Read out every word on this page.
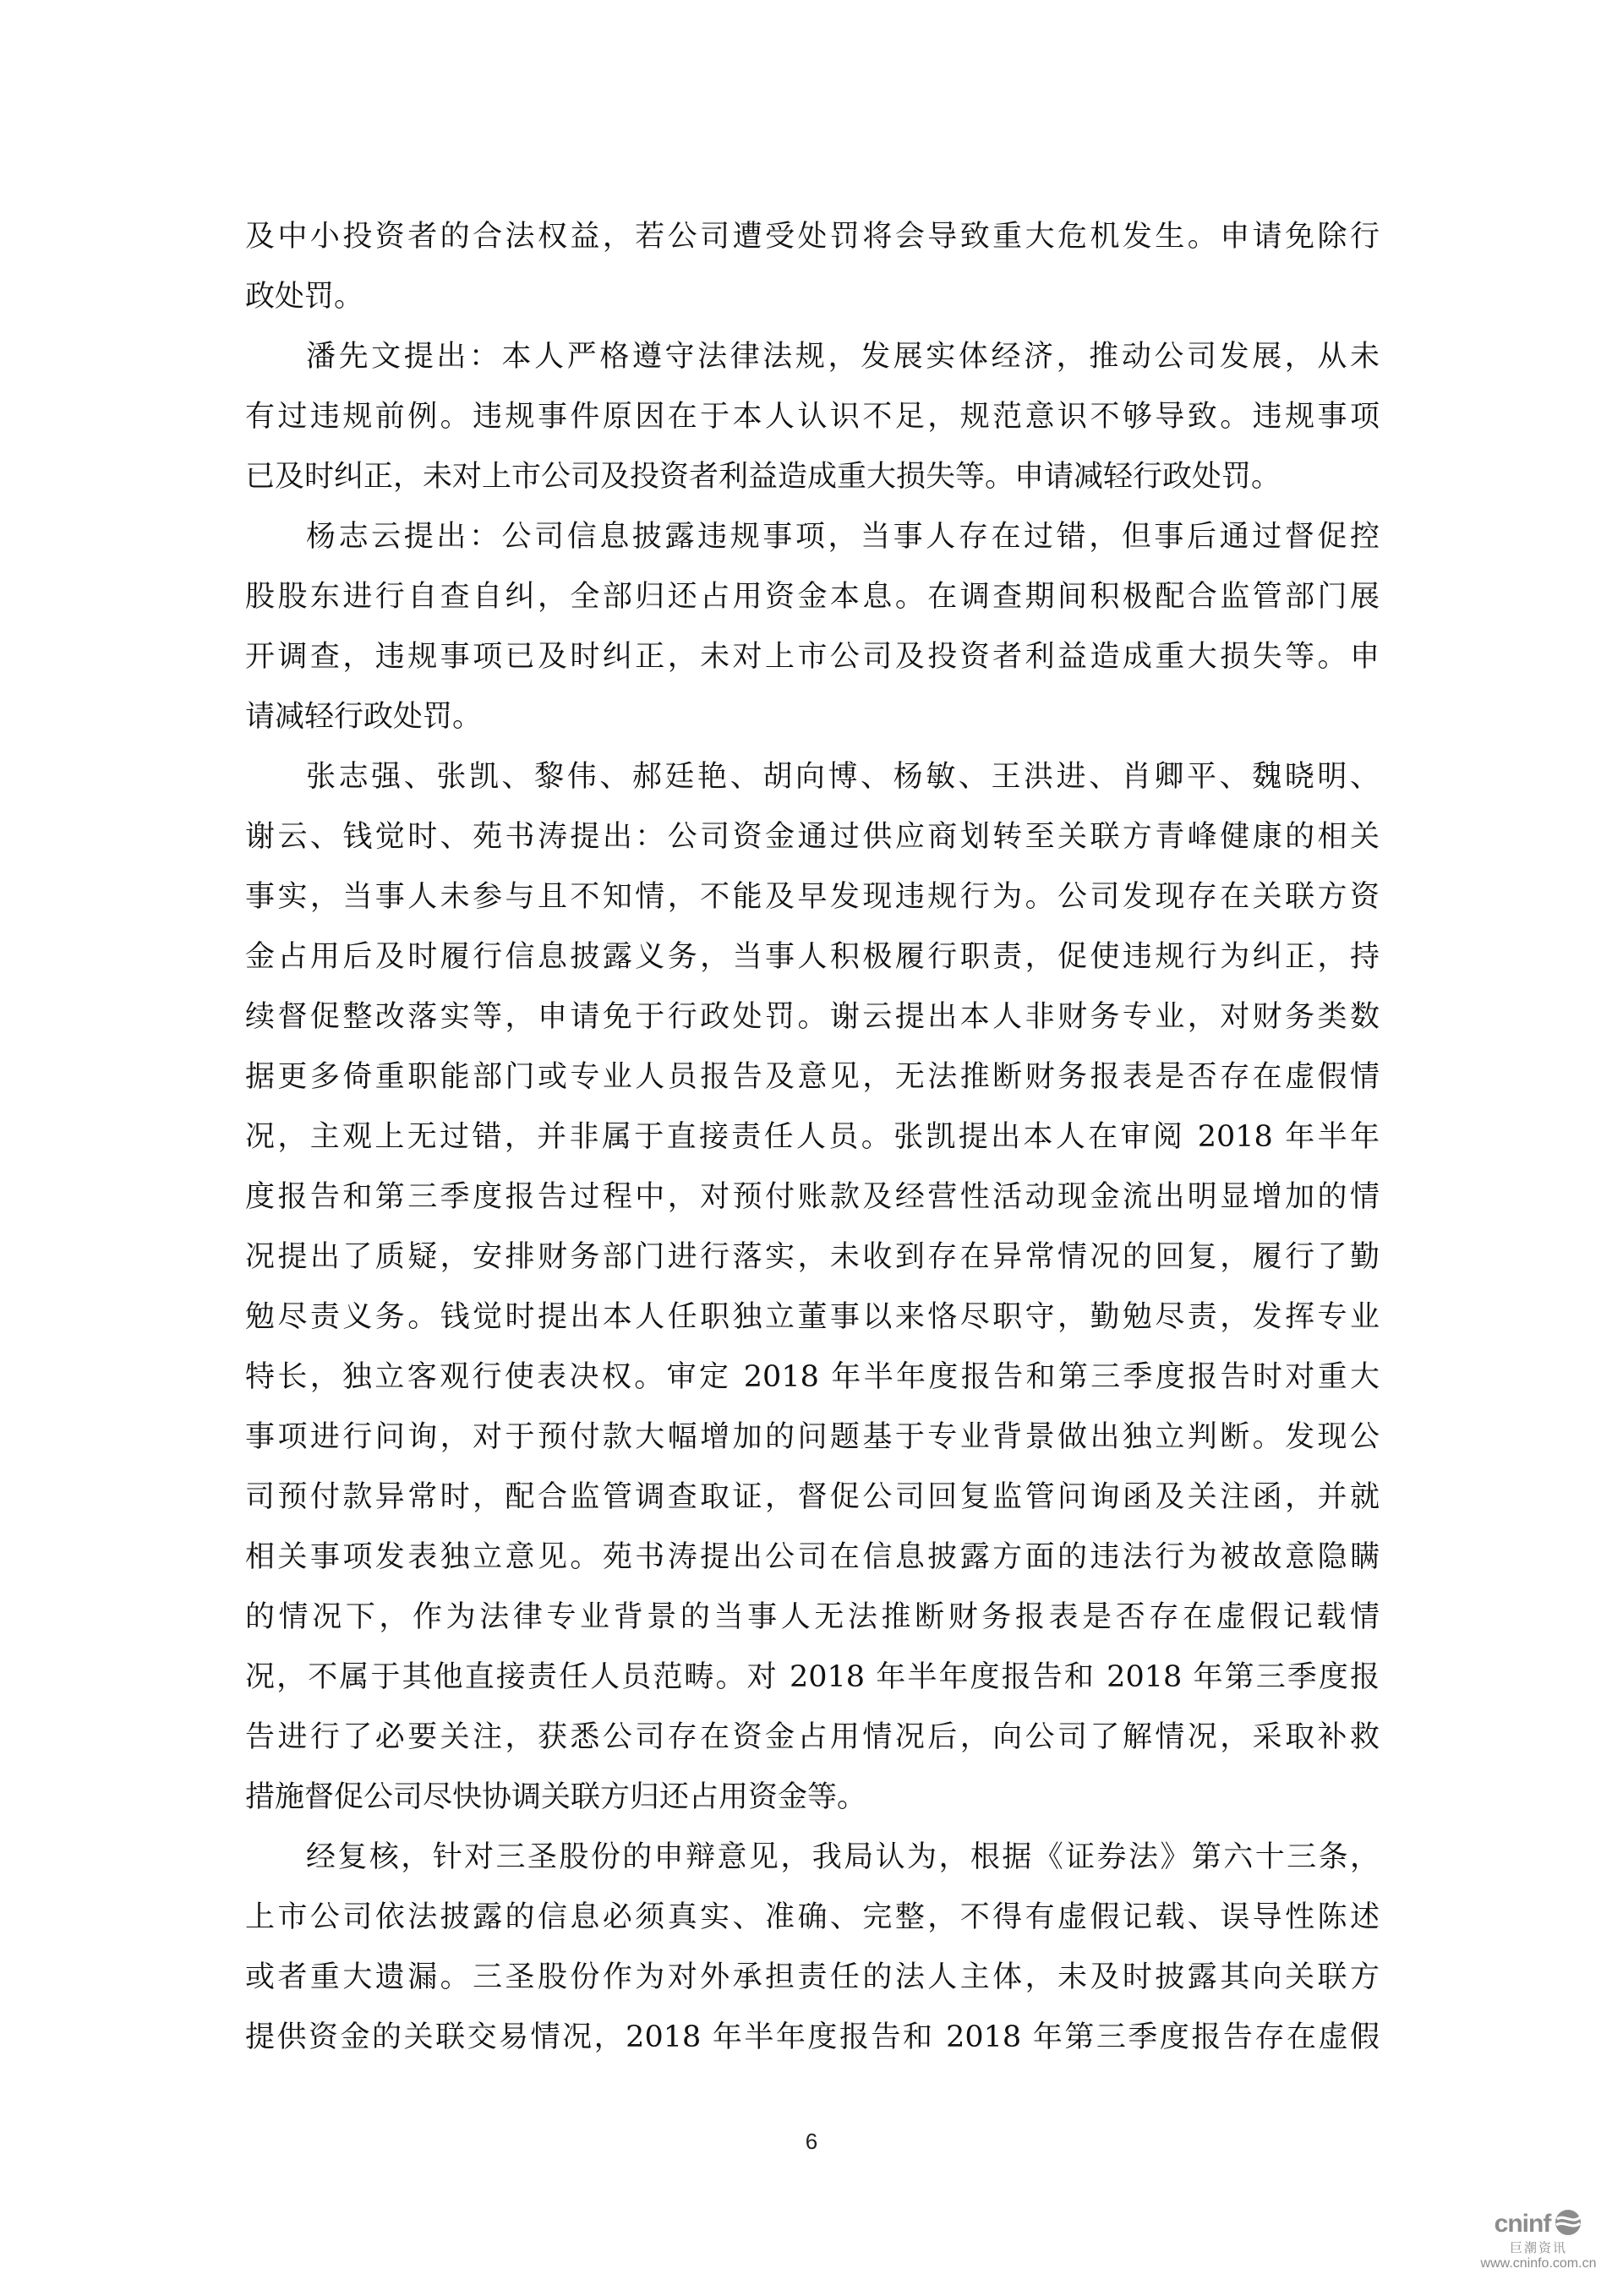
及中小投资者的合法权益，若公司遭受处罚将会导致重大危机发生。申请免除行
政处罚。
潘先文提出：本人严格遵守法律法规，发展实体经济，推动公司发展，从未
有过违规前例。违规事件原因在于本人认识不足，规范意识不够导致。违规事项
已及时纠正，未对上市公司及投资者利益造成重大损失等。申请减轻行政处罚。
杨志云提出：公司信息披露违规事项，当事人存在过错，但事后通过督促控
股股东进行自查自纠，全部归还占用资金本息。在调查期间积极配合监管部门展
开调查，违规事项已及时纠正，未对上市公司及投资者利益造成重大损失等。申
请减轻行政处罚。
张志强、张凯、黎伟、郝廷艳、胡向博、杨敏、王洪进、肖卿平、魏晓明、
谢云、钱觉时、苑书涛提出：公司资金通过供应商划转至关联方青峰健康的相关
事实，当事人未参与且不知情，不能及早发现违规行为。公司发现存在关联方资
金占用后及时履行信息披露义务，当事人积极履行职责，促使违规行为纠正，持
续督促整改落实等，申请免于行政处罚。谢云提出本人非财务专业，对财务类数
据更多倚重职能部门或专业人员报告及意见，无法推断财务报表是否存在虚假情
况，主观上无过错，并非属于直接责任人员。张凯提出本人在审阅 2018 年半年
度报告和第三季度报告过程中，对预付账款及经营性活动现金流出明显增加的情
况提出了质疑，安排财务部门进行落实，未收到存在异常情况的回复，履行了勤
勉尽责义务。钱觉时提出本人任职独立董事以来恪尽职守，勤勉尽责，发挥专业
特长，独立客观行使表决权。审定 2018 年半年度报告和第三季度报告时对重大
事项进行问询，对于预付款大幅增加的问题基于专业背景做出独立判断。发现公
司预付款异常时，配合监管调查取证，督促公司回复监管问询函及关注函，并就
相关事项发表独立意见。苑书涛提出公司在信息披露方面的违法行为被故意隐瞒
的情况下，作为法律专业背景的当事人无法推断财务报表是否存在虚假记载情
况，不属于其他直接责任人员范畴。对 2018 年半年度报告和 2018 年第三季度报
告进行了必要关注，获悉公司存在资金占用情况后，向公司了解情况，采取补救
措施督促公司尽快协调关联方归还占用资金等。
经复核，针对三圣股份的申辩意见，我局认为，根据《证券法》第六十三条，
上市公司依法披露的信息必须真实、准确、完整，不得有虚假记载、误导性陈述
或者重大遗漏。三圣股份作为对外承担责任的法人主体，未及时披露其向关联方
提供资金的关联交易情况，2018 年半年度报告和 2018 年第三季度报告存在虚假
6
cninf
巨潮资讯
www.cninfo.com.cn
